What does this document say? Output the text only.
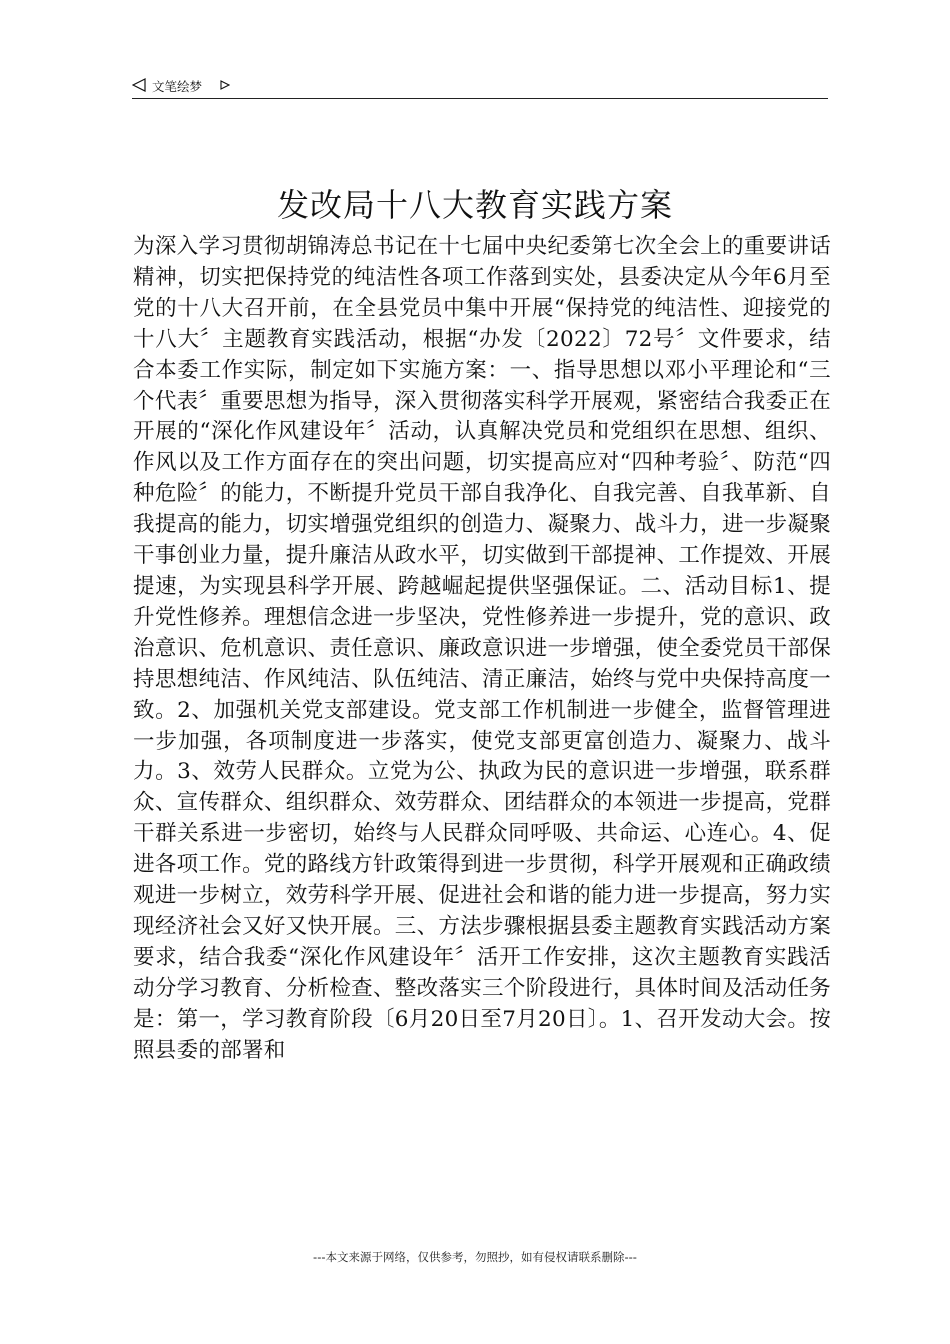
文笔绘梦
发改局十八大教育实践方案

为深入学习贯彻胡锦涛总书记在十七届中央纪委第七次全会上的重要讲话精神，切实把保持党的纯洁性各项工作落到实处，县委决定从今年6月至党的十八大召开前，在全县党员中集中开展“保持党的纯洁性、迎接党的十八大〞主题教育实践活动，根据“办发〔2022〕72号〞文件要求，结合本委工作实际，制定如下实施方案：一、指导思想以邓小平理论和“三个代表〞重要思想为指导，深入贯彻落实科学开展观，紧密结合我委正在开展的“深化作风建设年〞活动，认真解决党员和党组织在思想、组织、作风以及工作方面存在的突出问题，切实提高应对“四种考验〞、防范“四种危险〞的能力，不断提升党员干部自我净化、自我完善、自我革新、自我提高的能力，切实增强党组织的创造力、凝聚力、战斗力，进一步凝聚干事创业力量，提升廉洁从政水平，切实做到干部提神、工作提效、开展提速，为实现县科学开展、跨越崛起提供坚强保证。二、活动目标1、提升党性修养。理想信念进一步坚决，党性修养进一步提升，党的意识、政治意识、危机意识、责任意识、廉政意识进一步增强，使全委党员干部保持思想纯洁、作风纯洁、队伍纯洁、清正廉洁，始终与党中央保持高度一致。2、加强机关党支部建设。党支部工作机制进一步健全，监督管理进一步加强，各项制度进一步落实，使党支部更富创造力、凝聚力、战斗力。3、效劳人民群众。立党为公、执政为民的意识进一步增强，联系群众、宣传群众、组织群众、效劳群众、团结群众的本领进一步提高，党群干群关系进一步密切，始终与人民群众同呼吸、共命运、心连心。4、促进各项工作。党的路线方针政策得到进一步贯彻，科学开展观和正确政绩观进一步树立，效劳科学开展、促进社会和谐的能力进一步提高，努力实现经济社会又好又快开展。三、方法步骤根据县委主题教育实践活动方案要求，结合我委“深化作风建设年〞活开工作安排，这次主题教育实践活动分学习教育、分析检查、整改落实三个阶段进行，具体时间及活动任务是：第一，学习教育阶段〔6月20日至7月20日〕。1、召开发动大会。按照县委的部署和

---本文来源于网络，仅供参考，勿照抄，如有侵权请联系删除---
